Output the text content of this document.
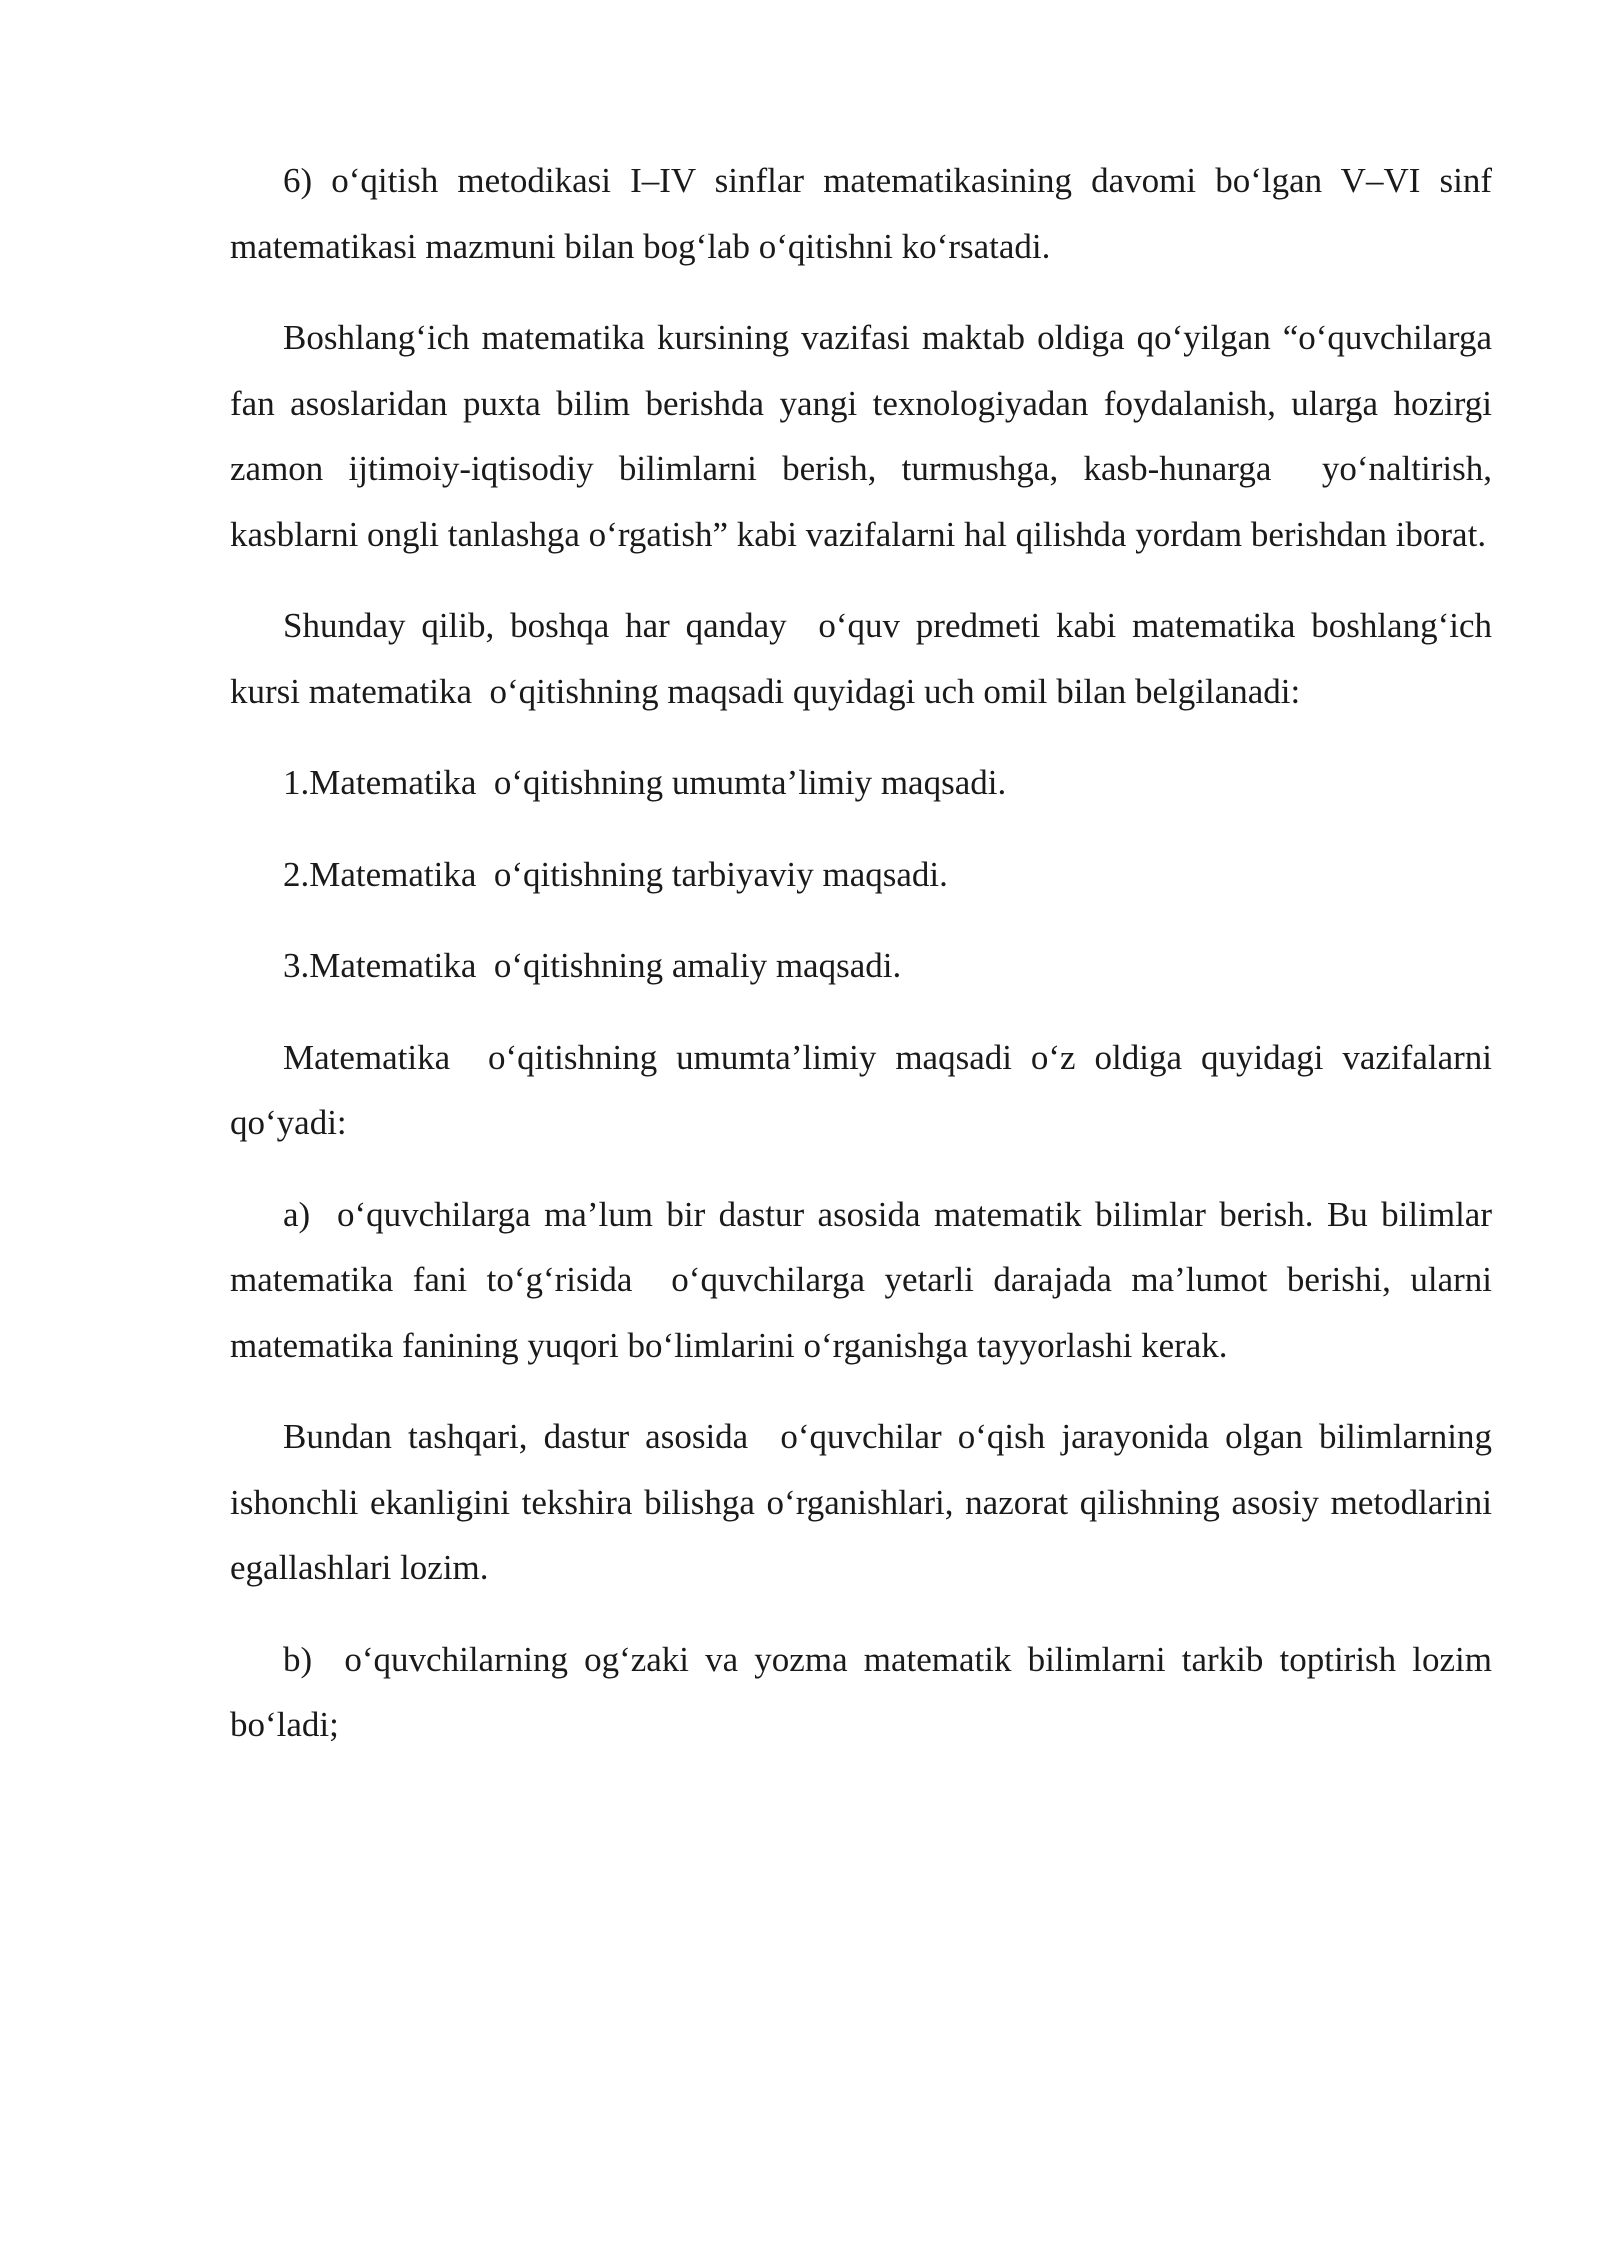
6) o‘qitish metodikasi I–IV sinflar matematikasining davomi bo‘lgan V–VI sinf matematikasi mazmuni bilan bog‘lab o‘qitishni ko‘rsatadi.

Boshlang‘ich matematika kursining vazifasi maktab oldiga qo‘yilgan “o‘quvchilarga fan asoslaridan puxta bilim berishda yangi texnologiyadan foydalanish, ularga hozirgi zamon ijtimoiy-iqtisodiy bilimlarni berish, turmushga, kasb-hunarga  yo‘naltirish,  kasblarni ongli tanlashga o‘rgatish” kabi vazifalarni hal qilishda yordam berishdan iborat.

Shunday qilib, boshqa har qanday  o‘quv predmeti kabi matematika boshlang‘ich kursi matematika  o‘qitishning maqsadi quyidagi uch omil bilan belgilanadi:

1.Matematika  o‘qitishning umumta’limiy maqsadi.

2.Matematika  o‘qitishning tarbiyaviy maqsadi.

3.Matematika  o‘qitishning amaliy maqsadi.

Matematika  o‘qitishning umumta’limiy maqsadi o‘z oldiga quyidagi vazifalarni qo‘yadi:

a)  o‘quvchilarga ma’lum bir dastur asosida matematik bilimlar berish. Bu bilimlar matematika fani to‘g‘risida  o‘quvchilarga yetarli darajada ma’lumot berishi, ularni matematika fanining yuqori bo‘limlarini o‘rganishga tayyorlashi kerak.

Bundan tashqari, dastur asosida  o‘quvchilar o‘qish jarayonida olgan bilimlarning ishonchli ekanligini tekshira bilishga o‘rganishlari, nazorat qilishning asosiy metodlarini egallashlari lozim.

b)  o‘quvchilarning og‘zaki va yozma matematik bilimlarni tarkib toptirish lozim bo‘ladi;
